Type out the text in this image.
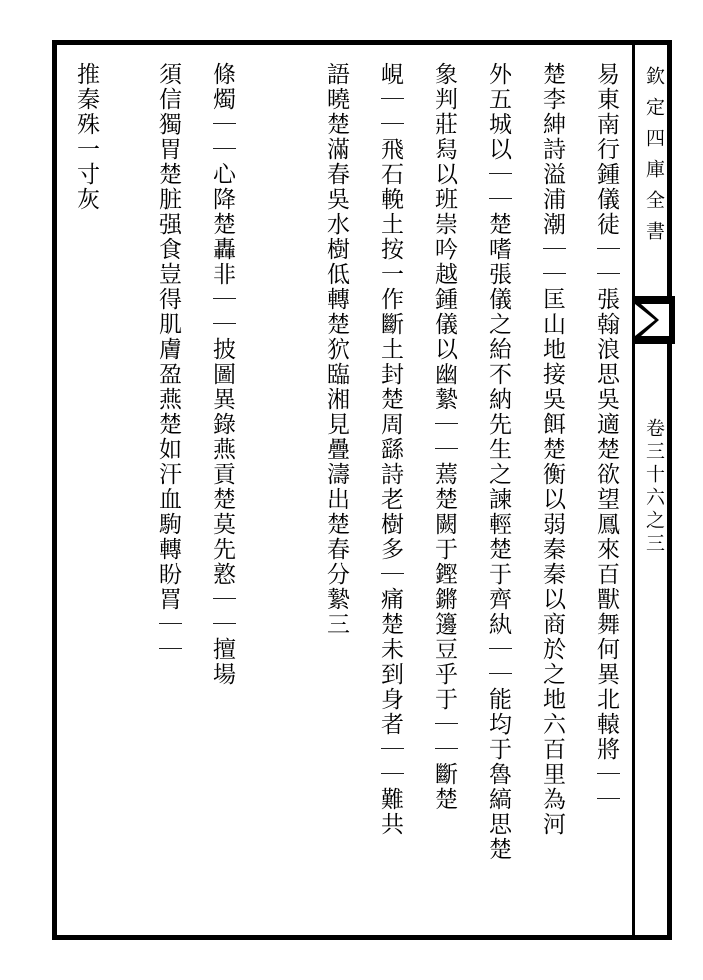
欽定四庫全書
卷三十六之三
易東南行鍾儀徒｜｜張翰浪思吳適楚欲望鳳來百獸舞何異北轅將｜｜
楚李紳詩溢浦潮｜｜匡山地接吳餌楚衡以弱秦秦以商於之地六百里為河
外五城以｜｜楚嗜張儀之紿不納先生之諫輕楚于齊紈｜｜能均于魯縞思楚
象判莊舄以班崇吟越鍾儀以幽縶｜｜蔫楚闕于鏗鏘籩豆乎于｜｜斷楚
峴｜｜飛石輓土按一作斷土封楚周繇詩老樹多｜痛楚未到身者｜｜難共
語曉楚滿春吳水樹低轉楚狖臨湘見疊濤出楚春分縶三
條燭｜｜心降楚轟非｜｜披圖異錄燕貢楚莫先憝｜｜擅場
須信獨胃楚脏强食豈得肌膚盈燕楚如汗血駒轉盼罥｜｜
推秦殊一寸灰
